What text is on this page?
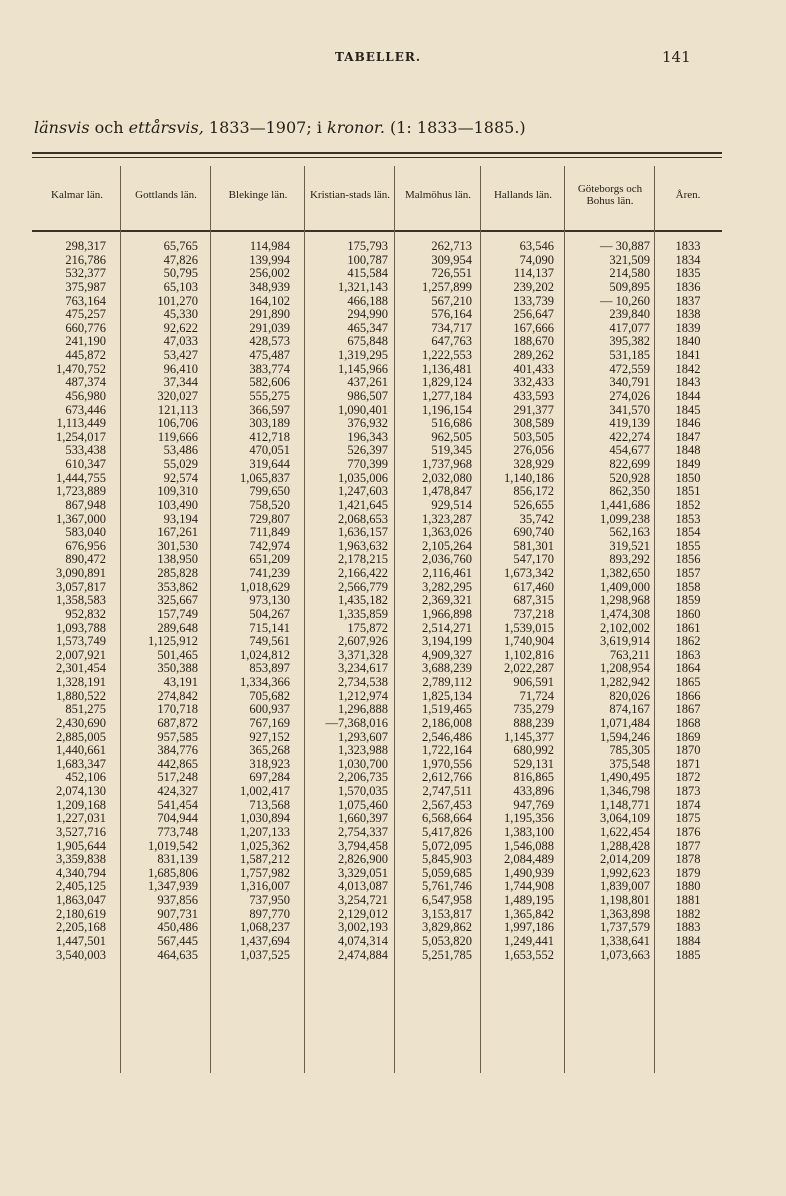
TABELLER.	141
länsvis och ettårsvis, 1833—1907; i kronor. (1: 1833—1885.)
Kalmar län.	Gottlands län.	Blekinge län.	Kristian-stads län.	Malmöhus län.	Hallands län.	Göteborgs och Bohus län.	Åren.
298,317	65,765	114,984	175,793	262,713	63,546	— 30,887	1833
216,786	47,826	139,994	100,787	309,954	74,090	321,509	1834
532,377	50,795	256,002	415,584	726,551	114,137	214,580	1835
375,987	65,103	348,939	1,321,143	1,257,899	239,202	509,895	1836
763,164	101,270	164,102	466,188	567,210	133,739	— 10,260	1837
475,257	45,330	291,890	294,990	576,164	256,647	239,840	1838
660,776	92,622	291,039	465,347	734,717	167,666	417,077	1839
241,190	47,033	428,573	675,848	647,763	188,670	395,382	1840
445,872	53,427	475,487	1,319,295	1,222,553	289,262	531,185	1841
1,470,752	96,410	383,774	1,145,966	1,136,481	401,433	472,559	1842
487,374	37,344	582,606	437,261	1,829,124	332,433	340,791	1843
456,980	320,027	555,275	986,507	1,277,184	433,593	274,026	1844
673,446	121,113	366,597	1,090,401	1,196,154	291,377	341,570	1845
1,113,449	106,706	303,189	376,932	516,686	308,589	419,139	1846
1,254,017	119,666	412,718	196,343	962,505	503,505	422,274	1847
533,438	53,486	470,051	526,397	519,345	276,056	454,677	1848
610,347	55,029	319,644	770,399	1,737,968	328,929	822,699	1849
1,444,755	92,574	1,065,837	1,035,006	2,032,080	1,140,186	520,928	1850
1,723,889	109,310	799,650	1,247,603	1,478,847	856,172	862,350	1851
867,948	103,490	758,520	1,421,645	929,514	526,655	1,441,686	1852
1,367,000	93,194	729,807	2,068,653	1,323,287	35,742	1,099,238	1853
583,040	167,261	711,849	1,636,157	1,363,026	690,740	562,163	1854
676,956	301,530	742,974	1,963,632	2,105,264	581,301	319,521	1855
890,472	138,950	651,209	2,178,215	2,036,760	547,170	893,292	1856
3,090,891	285,828	741,239	2,166,422	2,116,461	1,673,342	1,382,650	1857
3,057,817	353,862	1,018,629	2,566,779	3,282,295	617,460	1,409,000	1858
1,358,583	325,667	973,130	1,435,182	2,369,321	687,315	1,298,968	1859
952,832	157,749	504,267	1,335,859	1,966,898	737,218	1,474,308	1860
1,093,788	289,648	715,141	175,872	2,514,271	1,539,015	2,102,002	1861
1,573,749	1,125,912	749,561	2,607,926	3,194,199	1,740,904	3,619,914	1862
2,007,921	501,465	1,024,812	3,371,328	4,909,327	1,102,816	763,211	1863
2,301,454	350,388	853,897	3,234,617	3,688,239	2,022,287	1,208,954	1864
1,328,191	43,191	1,334,366	2,734,538	2,789,112	906,591	1,282,942	1865
1,880,522	274,842	705,682	1,212,974	1,825,134	71,724	820,026	1866
851,275	170,718	600,937	1,296,888	1,519,465	735,279	874,167	1867
2,430,690	687,872	767,169	—7,368,016	2,186,008	888,239	1,071,484	1868
2,885,005	957,585	927,152	1,293,607	2,546,486	1,145,377	1,594,246	1869
1,440,661	384,776	365,268	1,323,988	1,722,164	680,992	785,305	1870
1,683,347	442,865	318,923	1,030,700	1,970,556	529,131	375,548	1871
452,106	517,248	697,284	2,206,735	2,612,766	816,865	1,490,495	1872
2,074,130	424,327	1,002,417	1,570,035	2,747,511	433,896	1,346,798	1873
1,209,168	541,454	713,568	1,075,460	2,567,453	947,769	1,148,771	1874
1,227,031	704,944	1,030,894	1,660,397	6,568,664	1,195,356	3,064,109	1875
3,527,716	773,748	1,207,133	2,754,337	5,417,826	1,383,100	1,622,454	1876
1,905,644	1,019,542	1,025,362	3,794,458	5,072,095	1,546,088	1,288,428	1877
3,359,838	831,139	1,587,212	2,826,900	5,845,903	2,084,489	2,014,209	1878
4,340,794	1,685,806	1,757,982	3,329,051	5,059,685	1,490,939	1,992,623	1879
2,405,125	1,347,939	1,316,007	4,013,087	5,761,746	1,744,908	1,839,007	1880
1,863,047	937,856	737,950	3,254,721	6,547,958	1,489,195	1,198,801	1881
2,180,619	907,731	897,770	2,129,012	3,153,817	1,365,842	1,363,898	1882
2,205,168	450,486	1,068,237	3,002,193	3,829,862	1,997,186	1,737,579	1883
1,447,501	567,445	1,437,694	4,074,314	5,053,820	1,249,441	1,338,641	1884
3,540,003	464,635	1,037,525	2,474,884	5,251,785	1,653,552	1,073,663	1885
